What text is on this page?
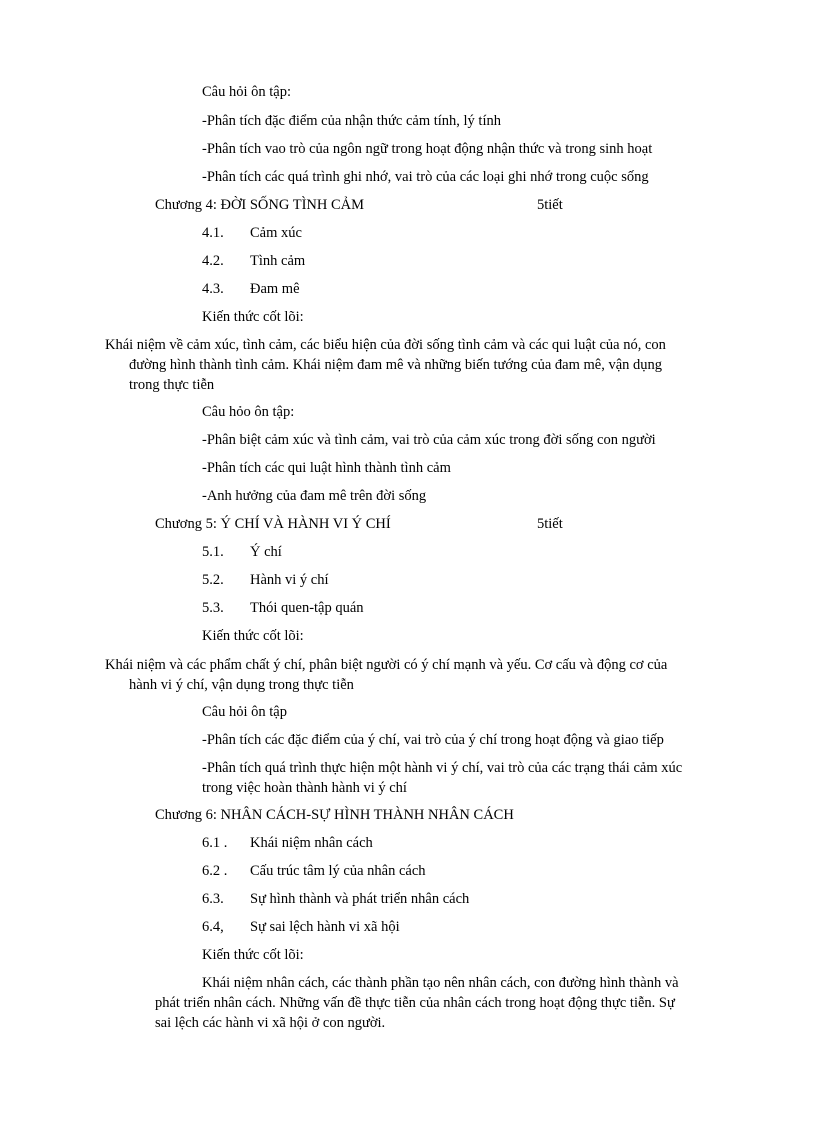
Câu hỏi ôn tập:
-Phân tích đặc điểm của nhận thức cảm tính, lý tính
-Phân tích vao trò của ngôn ngữ trong hoạt động nhận thức và trong sinh hoạt
-Phân tích các quá trình ghi nhớ, vai trò của các loại ghi nhớ trong cuộc sống
Chương 4: ĐỜI SỐNG TÌNH CẢM	5tiết
4.1. Cảm xúc
4.2. Tình cảm
4.3. Đam mê
Kiến thức cốt lõi:
Khái niệm về cảm xúc, tình cảm, các biểu hiện của đời sống tình cảm và các qui luật của nó, con
đường hình thành tình cảm. Khái niệm đam mê và những biến tướng của đam mê, vận dụng
trong thực tiễn
Câu hỏo ôn tập:
-Phân biệt cảm xúc và tình cảm, vai trò của cảm xúc trong đời sống con người
-Phân tích các qui luật hình thành tình cảm
-Anh hưởng của đam mê trên đời sống
Chương 5: Ý CHÍ VÀ HÀNH VI Ý CHÍ	5tiết
5.1. Ý chí
5.2. Hành vi ý chí
5.3. Thói quen-tập quán
Kiến thức cốt lõi:
Khái niệm và các phẩm chất ý chí, phân biệt người có ý chí mạnh và yếu. Cơ cấu và động cơ của
hành vi ý chí, vận dụng trong thực tiễn
Câu hỏi ôn tập
-Phân tích các đặc điểm của ý chí, vai trò của ý chí trong hoạt động và giao tiếp
-Phân tích quá trình thực hiện một hành vi ý chí, vai trò của các trạng thái cảm xúc
trong việc hoàn thành hành vi ý chí
Chương 6: NHÂN CÁCH-SỰ HÌNH THÀNH NHÂN CÁCH
6.1 . Khái niệm nhân cách
6.2 . Cấu trúc tâm lý của nhân cách
6.3. Sự hình thành và phát triển nhân cách
6.4, Sự sai lệch hành vi xã hội
Kiến thức cốt lõi:
Khái niệm nhân cách, các thành phần tạo nên nhân cách, con đường hình thành và
phát triển nhân cách. Những vấn đề thực tiễn của nhân cách trong hoạt động thực tiễn. Sự
sai lệch các hành vi xã hội ở con người.
